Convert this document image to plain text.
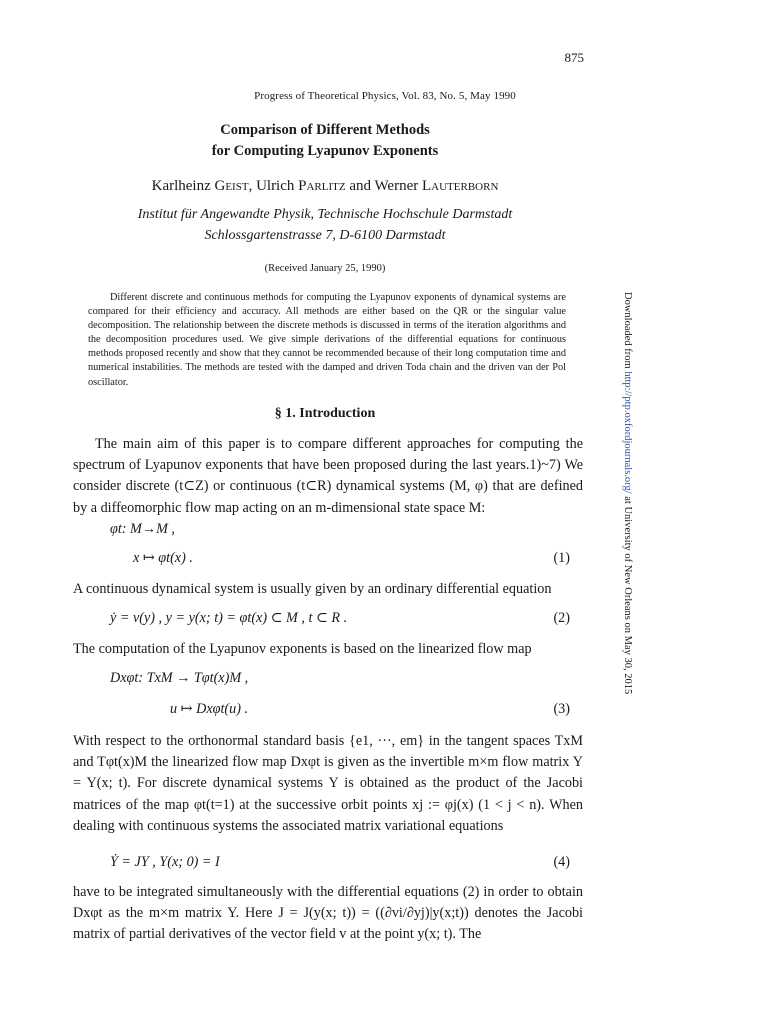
875
Progress of Theoretical Physics, Vol. 83, No. 5, May 1990
Comparison of Different Methods
for Computing Lyapunov Exponents
Karlheinz Geist, Ulrich Parlitz and Werner Lauterborn
Institut für Angewandte Physik, Technische Hochschule Darmstadt
Schlossgartenstrasse 7, D-6100 Darmstadt
(Received January 25, 1990)
Different discrete and continuous methods for computing the Lyapunov exponents of dynamical systems are compared for their efficiency and accuracy. All methods are either based on the QR or the singular value decomposition. The relationship between the discrete methods is discussed in terms of the iteration algorithms and the decomposition procedures used. We give simple derivations of the differential equations for continuous methods proposed recently and show that they cannot be recommended because of their long computation time and numerical instabilities. The methods are tested with the damped and driven Toda chain and the driven van der Pol oscillator.
§ 1. Introduction
The main aim of this paper is to compare different approaches for computing the spectrum of Lyapunov exponents that have been proposed during the last years.1)~7) We consider discrete (t⊂Z) or continuous (t⊂R) dynamical systems (M, φ) that are defined by a diffeomorphic flow map acting on an m-dimensional state space M:
φt: M→M ,
x ↦ φt(x) .	(1)
A continuous dynamical system is usually given by an ordinary differential equation
ẏ = v(y) , y = y(x; t) = φt(x) ⊂ M , t ⊂ R .	(2)
The computation of the Lyapunov exponents is based on the linearized flow map
Dxφt: TxM → Tφt(x)M ,
u ↦ Dxφt(u) .	(3)
With respect to the orthonormal standard basis {e1, ···, em} in the tangent spaces TxM and Tφt(x)M the linearized flow map Dxφt is given as the invertible m×m flow matrix Y = Y(x; t). For discrete dynamical systems Y is obtained as the product of the Jacobi matrices of the map φt(t=1) at the successive orbit points xj := φj(x) (1 < j < n). When dealing with continuous systems the associated matrix variational equations
Ẏ = JY , Y(x; 0) = I	(4)
have to be integrated simultaneously with the differential equations (2) in order to obtain Dxφt as the m×m matrix Y. Here J = J(y(x; t)) = ((∂vi/∂yj)|y(x;t)) denotes the Jacobi matrix of partial derivatives of the vector field v at the point y(x; t). The
Downloaded from http://ptp.oxfordjournals.org/ at University of New Orleans on May 30, 2015
